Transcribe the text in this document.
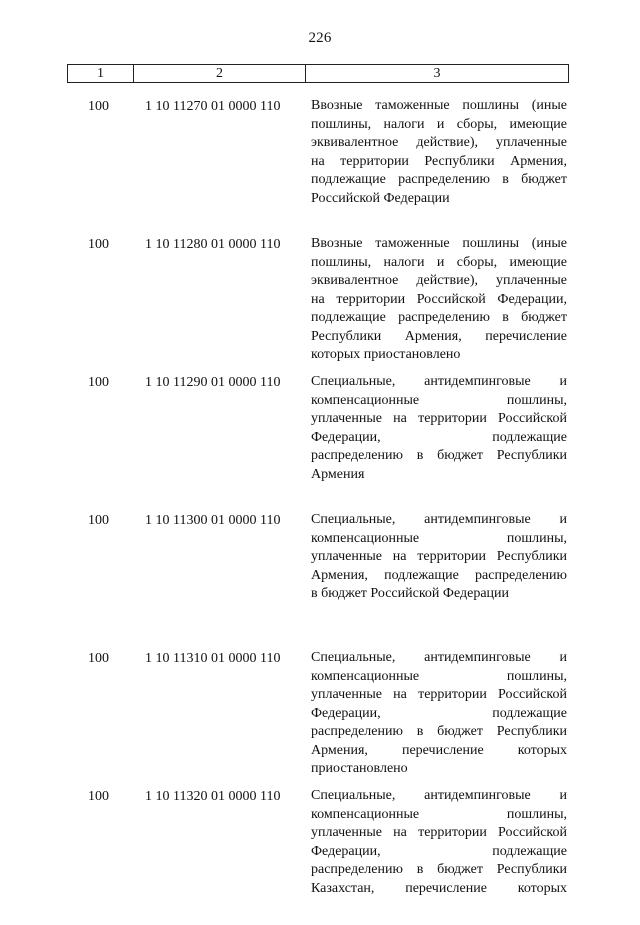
226
1	2	3
100	1 10 11270 01 0000 110 Ввозные таможенные пошлины (иные
пошлины, налоги и сборы, имеющие
эквивалентное действие), уплаченные
на территории Республики Армения,
подлежащие распределению в бюджет
Российской Федерации
100	1 10 11280 01 0000 110 Ввозные таможенные пошлины (иные
пошлины, налоги и сборы, имеющие
эквивалентное действие), уплаченные
на территории Российской Федерации,
подлежащие распределению в бюджет
Республики Армения, перечисление
которых приостановлено
100	1 10 11290 01 0000 110 Специальные, антидемпинговые и
компенсационные пошлины,
уплаченные на территории Российской
Федерации, подлежащие
распределению в бюджет Республики
Армения
100	1 10 11300 01 0000 110 Специальные, антидемпинговые и
компенсационные пошлины,
уплаченные на территории Республики
Армения, подлежащие распределению
в бюджет Российской Федерации
100	1 10 11310 01 0000 110 Специальные, антидемпинговые и
компенсационные пошлины,
уплаченные на территории Российской
Федерации, подлежащие
распределению в бюджет Республики
Армения, перечисление которых
приостановлено
100	1 10 11320 01 0000 110 Специальные, антидемпинговые и
компенсационные пошлины,
уплаченные на территории Российской
Федерации, подлежащие
распределению в бюджет Республики
Казахстан, перечисление которых
